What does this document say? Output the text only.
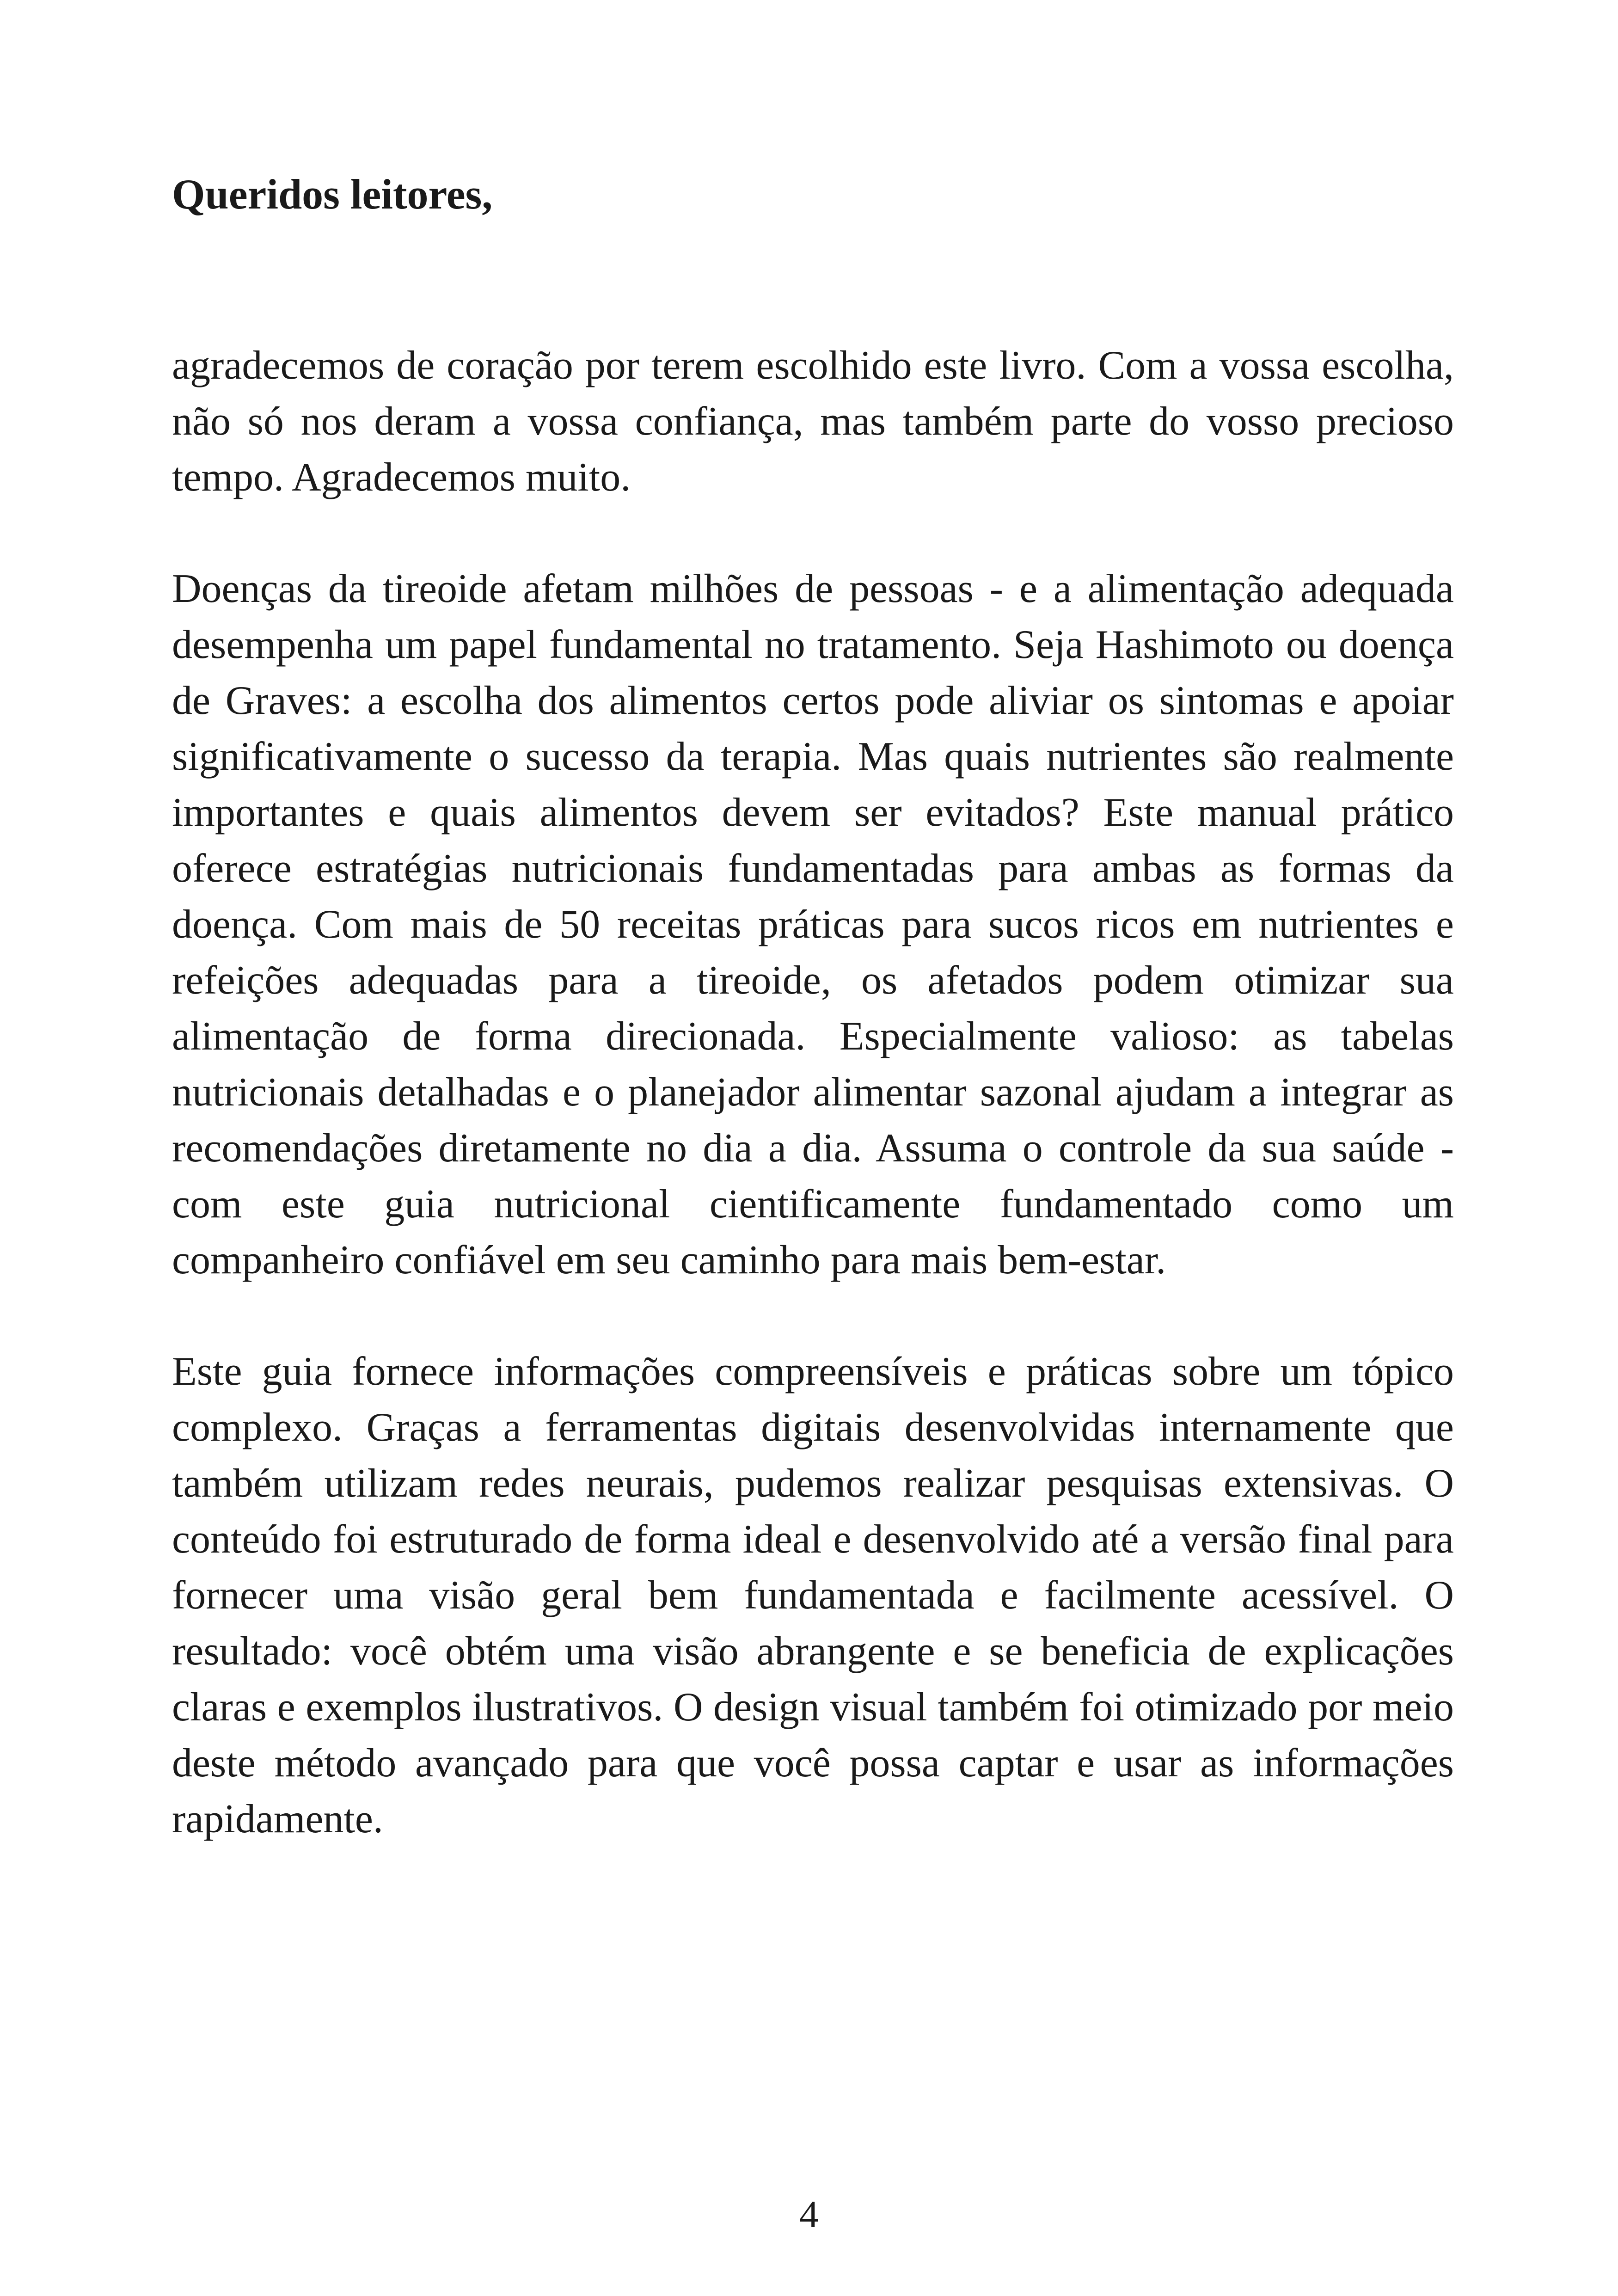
Queridos leitores,

agradecemos de coração por terem escolhido este livro. Com a vossa escolha, não só nos deram a vossa confiança, mas também parte do vosso precioso tempo. Agradecemos muito.

Doenças da tireoide afetam milhões de pessoas - e a alimentação adequada desempenha um papel fundamental no tratamento. Seja Hashimoto ou doença de Graves: a escolha dos alimentos certos pode aliviar os sintomas e apoiar significativamente o sucesso da terapia. Mas quais nutrientes são realmente importantes e quais alimentos devem ser evitados? Este manual prático oferece estratégias nutricionais fundamentadas para ambas as formas da doença. Com mais de 50 receitas práticas para sucos ricos em nutrientes e refeições adequadas para a tireoide, os afetados podem otimizar sua alimentação de forma direcionada. Especialmente valioso: as tabelas nutricionais detalhadas e o planejador alimentar sazonal ajudam a integrar as recomendações diretamente no dia a dia. Assuma o controle da sua saúde - com este guia nutricional cientificamente fundamentado como um companheiro confiável em seu caminho para mais bem-estar.

Este guia fornece informações compreensíveis e práticas sobre um tópico complexo. Graças a ferramentas digitais desenvolvidas internamente que também utilizam redes neurais, pudemos realizar pesquisas extensivas. O conteúdo foi estruturado de forma ideal e desenvolvido até a versão final para fornecer uma visão geral bem fundamentada e facilmente acessível. O resultado: você obtém uma visão abrangente e se beneficia de explicações claras e exemplos ilustrativos. O design visual também foi otimizado por meio deste método avançado para que você possa captar e usar as informações rapidamente.

4
